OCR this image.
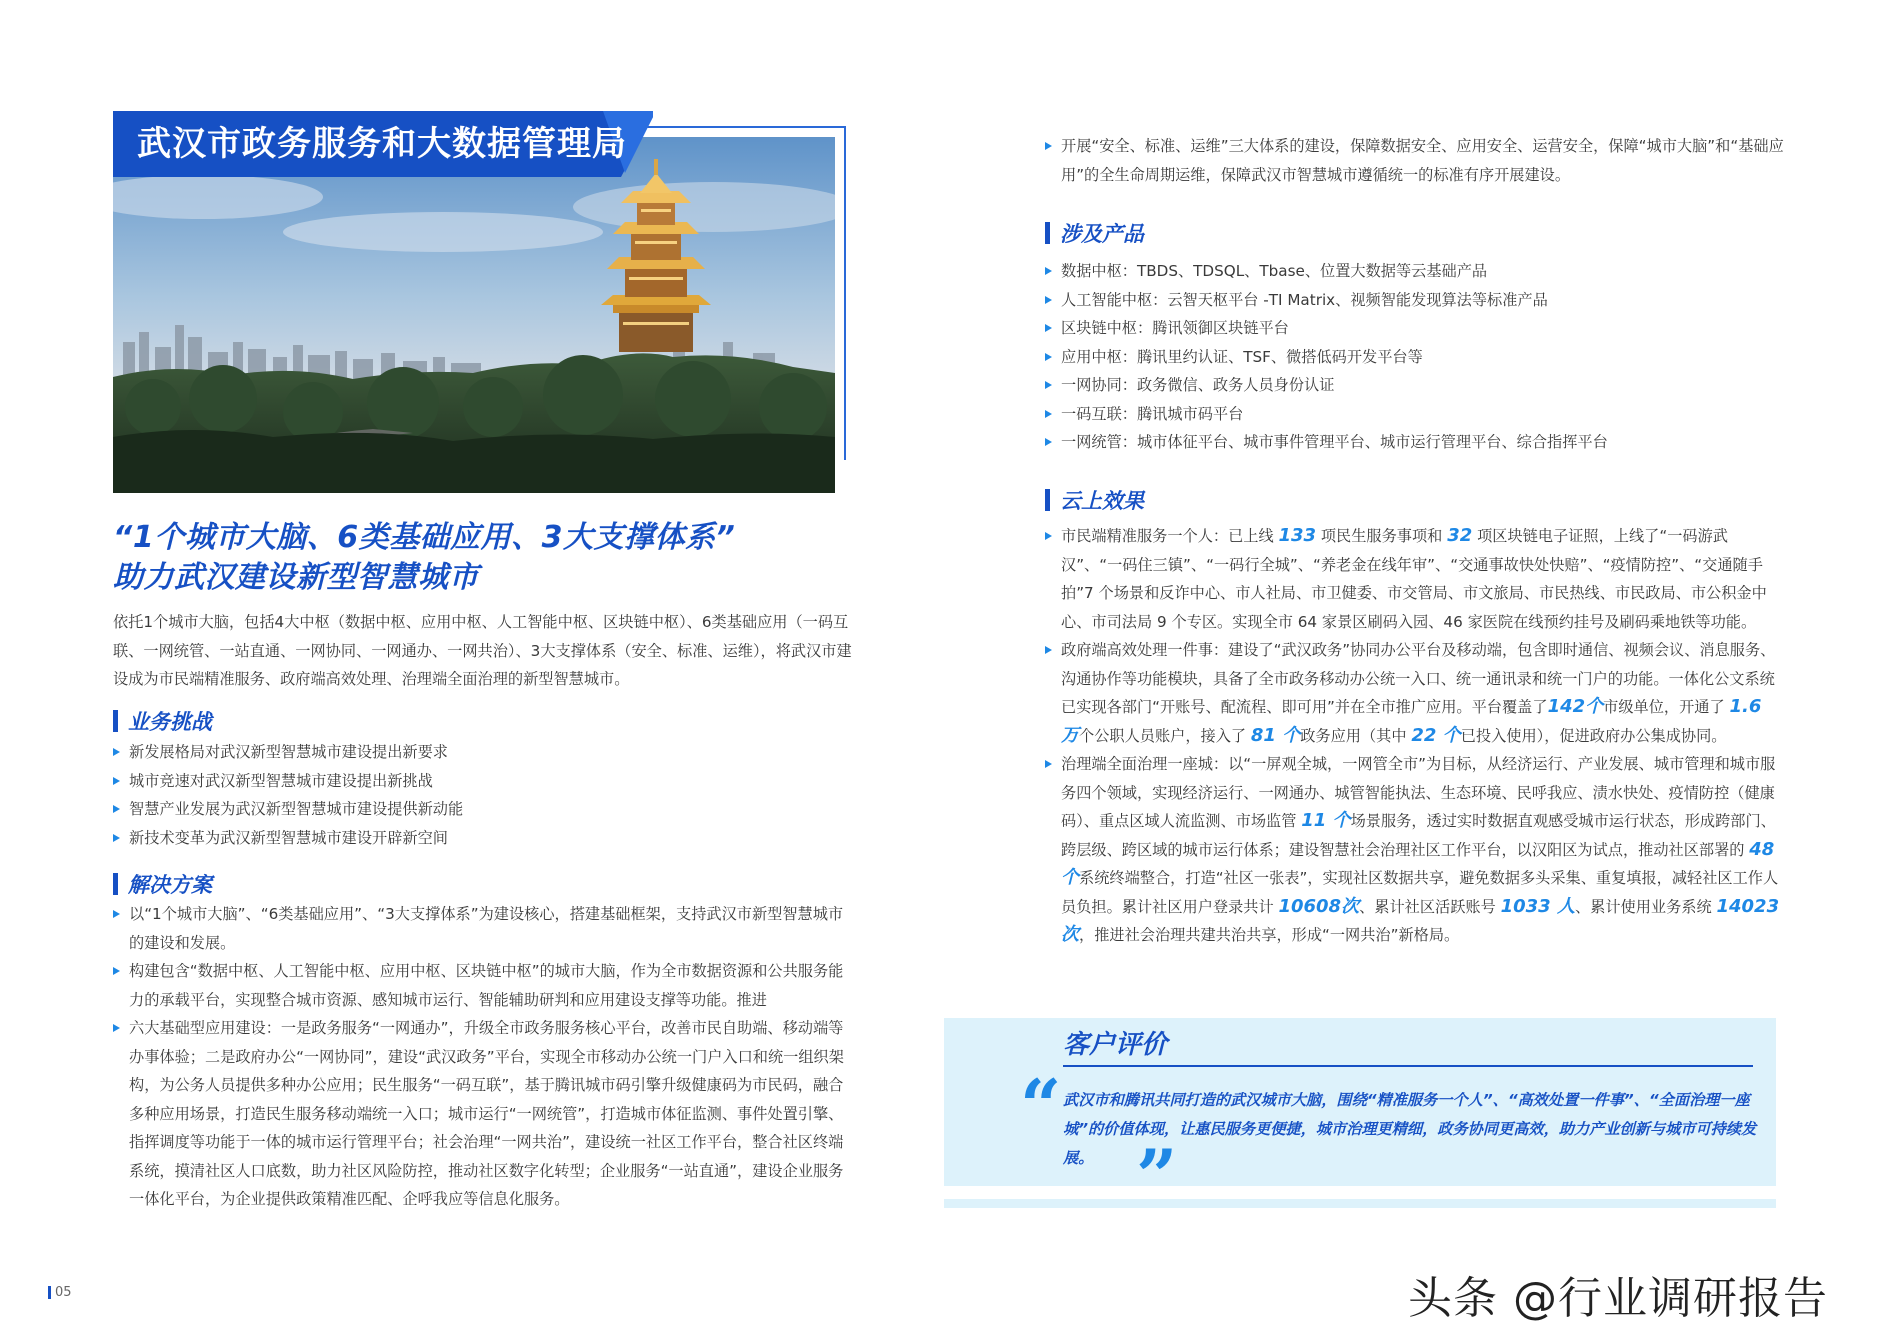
武汉市政务服务和大数据管理局
“1个城市大脑、6类基础应用、3大支撑体系”
助力武汉建设新型智慧城市
依托1个城市大脑，包括4大中枢（数据中枢、应用中枢、人工智能中枢、区块链中枢）、6类基础应用（一码互联、一网统管、一站直通、一网协同、一网通办、一网共治）、3大支撑体系（安全、标准、运维），将武汉市建设成为市民端精准服务、政府端高效处理、治理端全面治理的新型智慧城市。
业务挑战
新发展格局对武汉新型智慧城市建设提出新要求
城市竞速对武汉新型智慧城市建设提出新挑战
智慧产业发展为武汉新型智慧城市建设提供新动能
新技术变革为武汉新型智慧城市建设开辟新空间
解决方案
以“1个城市大脑”、“6类基础应用”、“3大支撑体系”为建设核心，搭建基础框架，支持武汉市新型智慧城市的建设和发展。
构建包含“数据中枢、人工智能中枢、应用中枢、区块链中枢”的城市大脑，作为全市数据资源和公共服务能力的承载平台，实现整合城市资源、感知城市运行、智能辅助研判和应用建设支撑等功能。推进
六大基础型应用建设：一是政务服务“一网通办”，升级全市政务服务核心平台，改善市民自助端、移动端等办事体验；二是政府办公“一网协同”，建设“武汉政务”平台，实现全市移动办公统一门户入口和统一组织架构，为公务人员提供多种办公应用；民生服务“一码互联”，基于腾讯城市码引擎升级健康码为市民码，融合多种应用场景，打造民生服务移动端统一入口；城市运行“一网统管”，打造城市体征监测、事件处置引擎、指挥调度等功能于一体的城市运行管理平台；社会治理“一网共治”，建设统一社区工作平台，整合社区终端系统，摸清社区人口底数，助力社区风险防控，推动社区数字化转型；企业服务“一站直通”，建设企业服务一体化平台，为企业提供政策精准匹配、企呼我应等信息化服务。
开展“安全、标准、运维”三大体系的建设，保障数据安全、应用安全、运营安全，保障“城市大脑”和“基础应用”的全生命周期运维，保障武汉市智慧城市遵循统一的标准有序开展建设。
涉及产品
数据中枢：TBDS、TDSQL、Tbase、位置大数据等云基础产品
人工智能中枢：云智天枢平台 -TI Matrix、视频智能发现算法等标准产品
区块链中枢：腾讯领御区块链平台
应用中枢：腾讯里约认证、TSF、微搭低码开发平台等
一网协同：政务微信、政务人员身份认证
一码互联：腾讯城市码平台
一网统管：城市体征平台、城市事件管理平台、城市运行管理平台、综合指挥平台
云上效果
市民端精准服务一个人：已上线 133 项民生服务事项和 32 项区块链电子证照，上线了“一码游武汉”、“一码住三镇”、“一码行全城”、“养老金在线年审”、“交通事故快处快赔”、“疫情防控”、“交通随手拍”7 个场景和反诈中心、市人社局、市卫健委、市交管局、市文旅局、市民热线、市民政局、市公积金中心、市司法局 9 个专区。实现全市 64 家景区刷码入园、46 家医院在线预约挂号及刷码乘地铁等功能。
政府端高效处理一件事：建设了“武汉政务”协同办公平台及移动端，包含即时通信、视频会议、消息服务、沟通协作等功能模块，具备了全市政务移动办公统一入口、统一通讯录和统一门户的功能。一体化公文系统已实现各部门“开账号、配流程、即可用”并在全市推广应用。平台覆盖了142个市级单位，开通了 1.6 万个公职人员账户，接入了 81 个政务应用（其中 22 个已投入使用），促进政府办公集成协同。
治理端全面治理一座城：以“一屏观全城，一网管全市”为目标，从经济运行、产业发展、城市管理和城市服务四个领域，实现经济运行、一网通办、城管智能执法、生态环境、民呼我应、渍水快处、疫情防控（健康码）、重点区域人流监测、市场监管 11 个场景服务，透过实时数据直观感受城市运行状态，形成跨部门、跨层级、跨区域的城市运行体系；建设智慧社会治理社区工作平台，以汉阳区为试点，推动社区部署的 48 个系统终端整合，打造“社区一张表”，实现社区数据共享，避免数据多头采集、重复填报，减轻社区工作人员负担。累计社区用户登录共计 10608次、累计社区活跃账号 1033 人、累计使用业务系统 14023次，推进社会治理共建共治共享，形成“一网共治”新格局。
客户评价
“ 武汉市和腾讯共同打造的武汉城市大脑，围绕“精准服务一个人”、“高效处置一件事”、“全面治理一座城”的价值体现，让惠民服务更便捷，城市治理更精细，政务协同更高效，助力产业创新与城市可持续发展。 ”
05	头条 @行业调研报告
